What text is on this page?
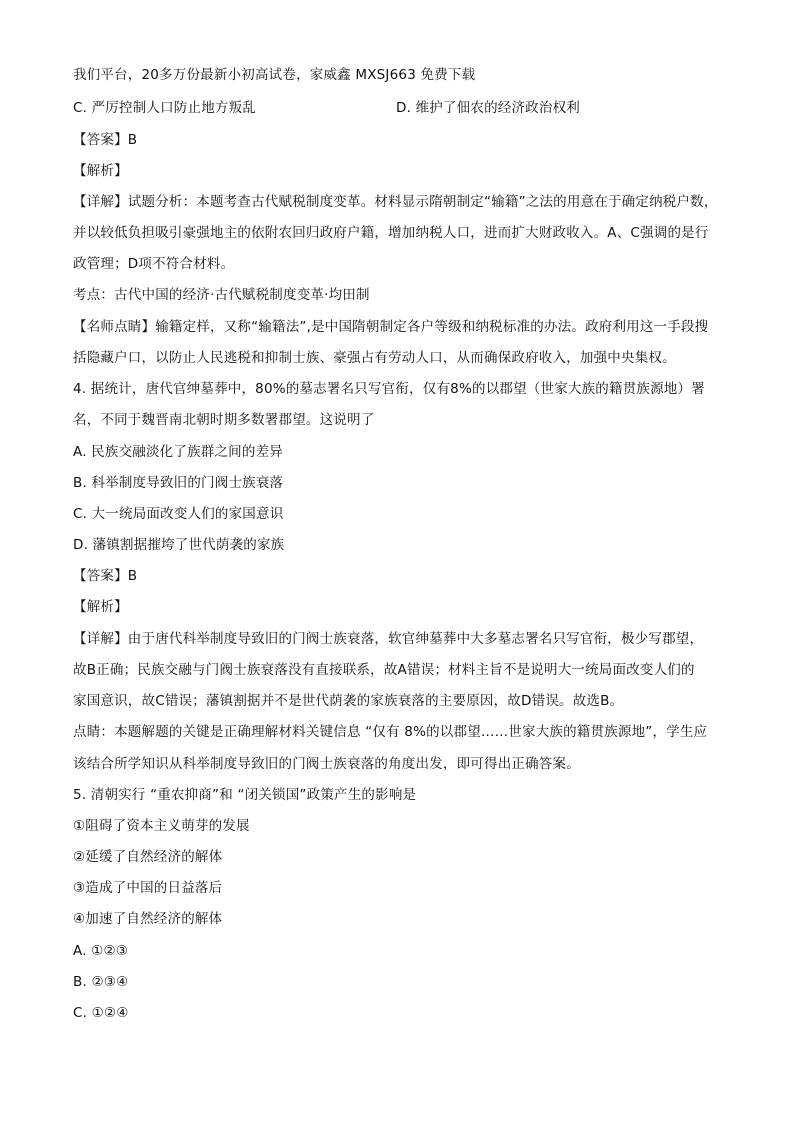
我们平台，20多万份最新小初高试卷，家威鑫 MXSJ663 免费下载
C. 严厉控制人口防止地方叛乱	D. 维护了佃农的经济政治权利
【答案】B
【解析】
【详解】试题分析：本题考查古代赋税制度变革。材料显示隋朝制定“输籍”之法的用意在于确定纳税户数，
并以较低负担吸引豪强地主的依附农回归政府户籍，增加纳税人口，进而扩大财政收入。A、C强调的是行
政管理；D项不符合材料。
考点：古代中国的经济·古代赋税制度变革·均田制
【名师点睛】输籍定样，又称“输籍法”,是中国隋朝制定各户等级和纳税标准的办法。政府利用这一手段搜
括隐藏户口，以防止人民逃税和抑制士族、豪强占有劳动人口，从而确保政府收入，加强中央集权。
4. 据统计，唐代官绅墓葬中，80%的墓志署名只写官衔，仅有8%的以郡望（世家大族的籍贯族源地）署
名，不同于魏晋南北朝时期多数署郡望。这说明了
A. 民族交融淡化了族群之间的差异
B. 科举制度导致旧的门阀士族衰落
C. 大一统局面改变人们的家国意识
D. 藩镇割据摧垮了世代荫袭的家族
【答案】B
【解析】
【详解】由于唐代科举制度导致旧的门阀士族衰落，软官绅墓葬中大多墓志署名只写官衔，极少写郡望，
故B正确；民族交融与门阀士族衰落没有直接联系，故A错误；材料主旨不是说明大一统局面改变人们的
家国意识，故C错误；藩镇割据并不是世代荫袭的家族衰落的主要原因，故D错误。故选B。
点睛：本题解题的关键是正确理解材料关键信息 “仅有 8%的以郡望……世家大族的籍贯族源地”，学生应
该结合所学知识从科举制度导致旧的门阀士族衰落的角度出发，即可得出正确答案。
5. 清朝实行 “重农抑商”和 “闭关锁国”政策产生的影响是
①阻碍了资本主义萌芽的发展
②延缓了自然经济的解体
③造成了中国的日益落后
④加速了自然经济的解体
A. ①②③
B. ②③④
C. ①②④
